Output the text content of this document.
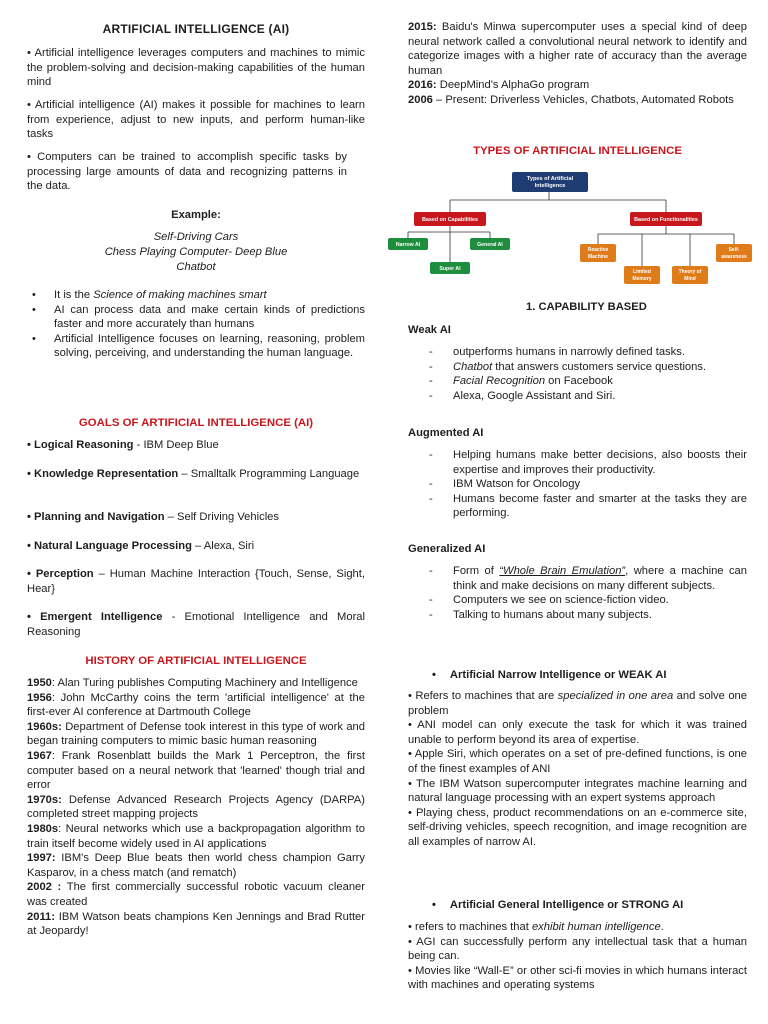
ARTIFICIAL INTELLIGENCE (AI)

• Artificial intelligence leverages computers and machines to mimic the problem-solving and decision-making capabilities of the human mind

• Artificial intelligence (AI) makes it possible for machines to learn from experience, adjust to new inputs, and perform human-like tasks

• Computers can be trained to accomplish specific tasks by processing large amounts of data and recognizing patterns in the data.

Example:

Self-Driving Cars

Chess Playing Computer- Deep Blue

Chatbot

• It is the Science of making machines smart
• AI can process data and make certain kinds of predictions faster and more accurately than humans
• Artificial Intelligence focuses on learning, reasoning, problem solving, perceiving, and understanding the human language.
GOALS OF ARTIFICIAL INTELLIGENCE (AI)

• Logical Reasoning - IBM Deep Blue

• Knowledge Representation – Smalltalk Programming Language

• Planning and Navigation – Self Driving Vehicles

• Natural Language Processing – Alexa, Siri

• Perception – Human Machine Interaction {Touch, Sense, Sight, Hear}

• Emergent Intelligence - Emotional Intelligence and Moral Reasoning

HISTORY OF ARTIFICIAL INTELLIGENCE

1950: Alan Turing publishes Computing Machinery and Intelligence

1956: John McCarthy coins the term 'artificial intelligence' at the first-ever AI conference at Dartmouth College

1960s: Department of Defense took interest in this type of work and began training computers to mimic basic human reasoning

1967: Frank Rosenblatt builds the Mark 1 Perceptron, the first computer based on a neural network that 'learned' though trial and error

1970s: Defense Advanced Research Projects Agency (DARPA) completed street mapping projects

1980s: Neural networks which use a backpropagation algorithm to train itself become widely used in AI applications

1997: IBM's Deep Blue beats then world chess champion Garry Kasparov, in a chess match (and rematch)

2002 : The first commercially successful robotic vacuum cleaner was created

2011: IBM Watson beats champions Ken Jennings and Brad Rutter at Jeopardy!

2015: Baidu's Minwa supercomputer uses a special kind of deep neural network called a convolutional neural network to identify and categorize images with a higher rate of accuracy than the average human

2016: DeepMind's AlphaGo program

2006 – Present: Driverless Vehicles, Chatbots, Automated Robots

TYPES OF ARTIFICIAL INTELLIGENCE
Types of Artificial
Intelligence
Based on Capabilities	Based on Functionalities
Narrow AI	General AI
Super AI
Reactive
Machine
Limited
Memory
Theory of
Mind
Self-
awareness
1. CAPABILITY BASED
Weak AI
- outperforms humans in narrowly defined tasks.
- Chatbot that answers customers service questions.
- Facial Recognition on Facebook
- Alexa, Google Assistant and Siri.
Augmented AI
- Helping humans make better decisions, also boosts their expertise and improves their productivity.
- IBM Watson for Oncology
- Humans become faster and smarter at the tasks they are performing.
Generalized AI
- Form of “Whole Brain Emulation”, where a machine can think and make decisions on many different subjects.
- Computers we see on science-fiction video.
- Talking to humans about many subjects.
• Artificial Narrow Intelligence or WEAK AI

• Refers to machines that are specialized in one area and solve one problem

• ANI model can only execute the task for which it was trained unable to perform beyond its area of expertise.

• Apple Siri, which operates on a set of pre-defined functions, is one of the finest examples of ANI

• The IBM Watson supercomputer integrates machine learning and natural language processing with an expert systems approach

• Playing chess, product recommendations on an e-commerce site, self-driving vehicles, speech recognition, and image recognition are all examples of narrow AI.

• Artificial General Intelligence or STRONG AI

• refers to machines that exhibit human intelligence.

• AGI can successfully perform any intellectual task that a human being can.

• Movies like “Wall-E” or other sci-fi movies in which humans interact with machines and operating systems
